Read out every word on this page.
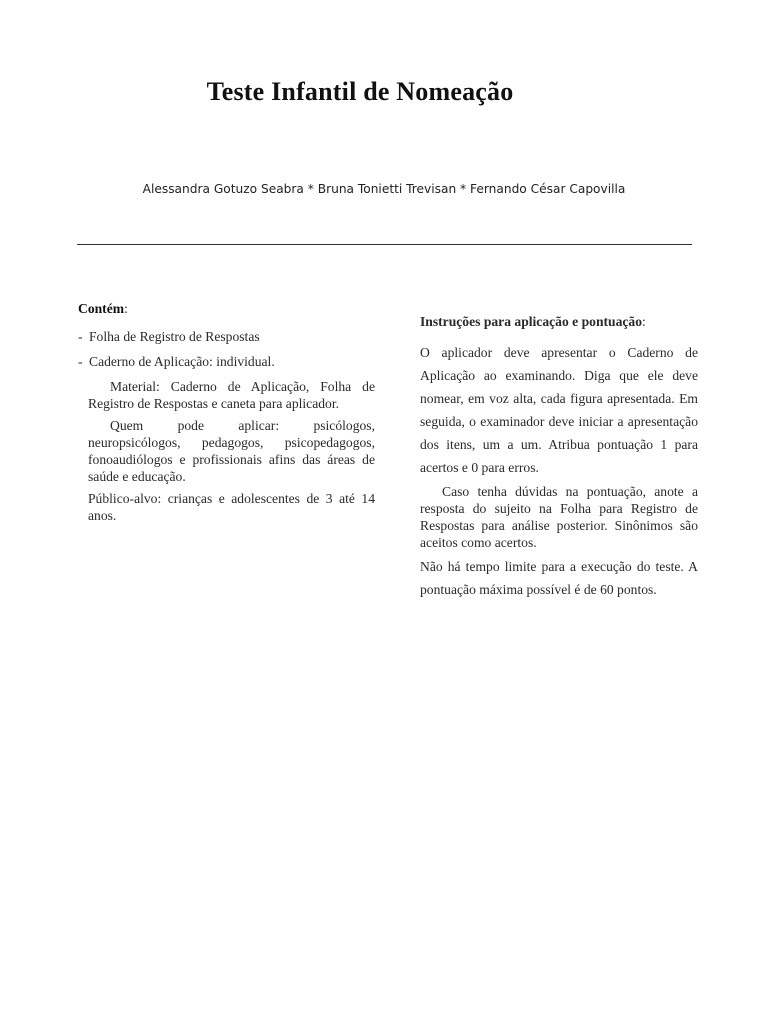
Teste Infantil de Nomeação
Alessandra Gotuzo Seabra * Bruna Tonietti Trevisan * Fernando César Capovilla

Contém:

- Folha de Registro de Respostas
- Caderno de Aplicação: individual.

Material: Caderno de Aplicação, Folha de Registro de Respostas e caneta para aplicador.

Quem pode aplicar: psicólogos, neuropsicólogos, pedagogos, psicopedagogos, fonoaudiólogos e profissionais afins das áreas de saúde e educação.

Público-alvo: crianças e adolescentes de 3 até 14 anos.

Instruções para aplicação e pontuação:

O aplicador deve apresentar o Caderno de Aplicação ao examinando. Diga que ele deve nomear, em voz alta, cada figura apresentada. Em seguida, o examinador deve iniciar a apresentação dos itens, um a um. Atribua pontuação 1 para acertos e 0 para erros.

Caso tenha dúvidas na pontuação, anote a resposta do sujeito na Folha para Registro de Respostas para análise posterior. Sinônimos são aceitos como acertos.

Não há tempo limite para a execução do teste. A pontuação máxima possível é de 60 pontos.
